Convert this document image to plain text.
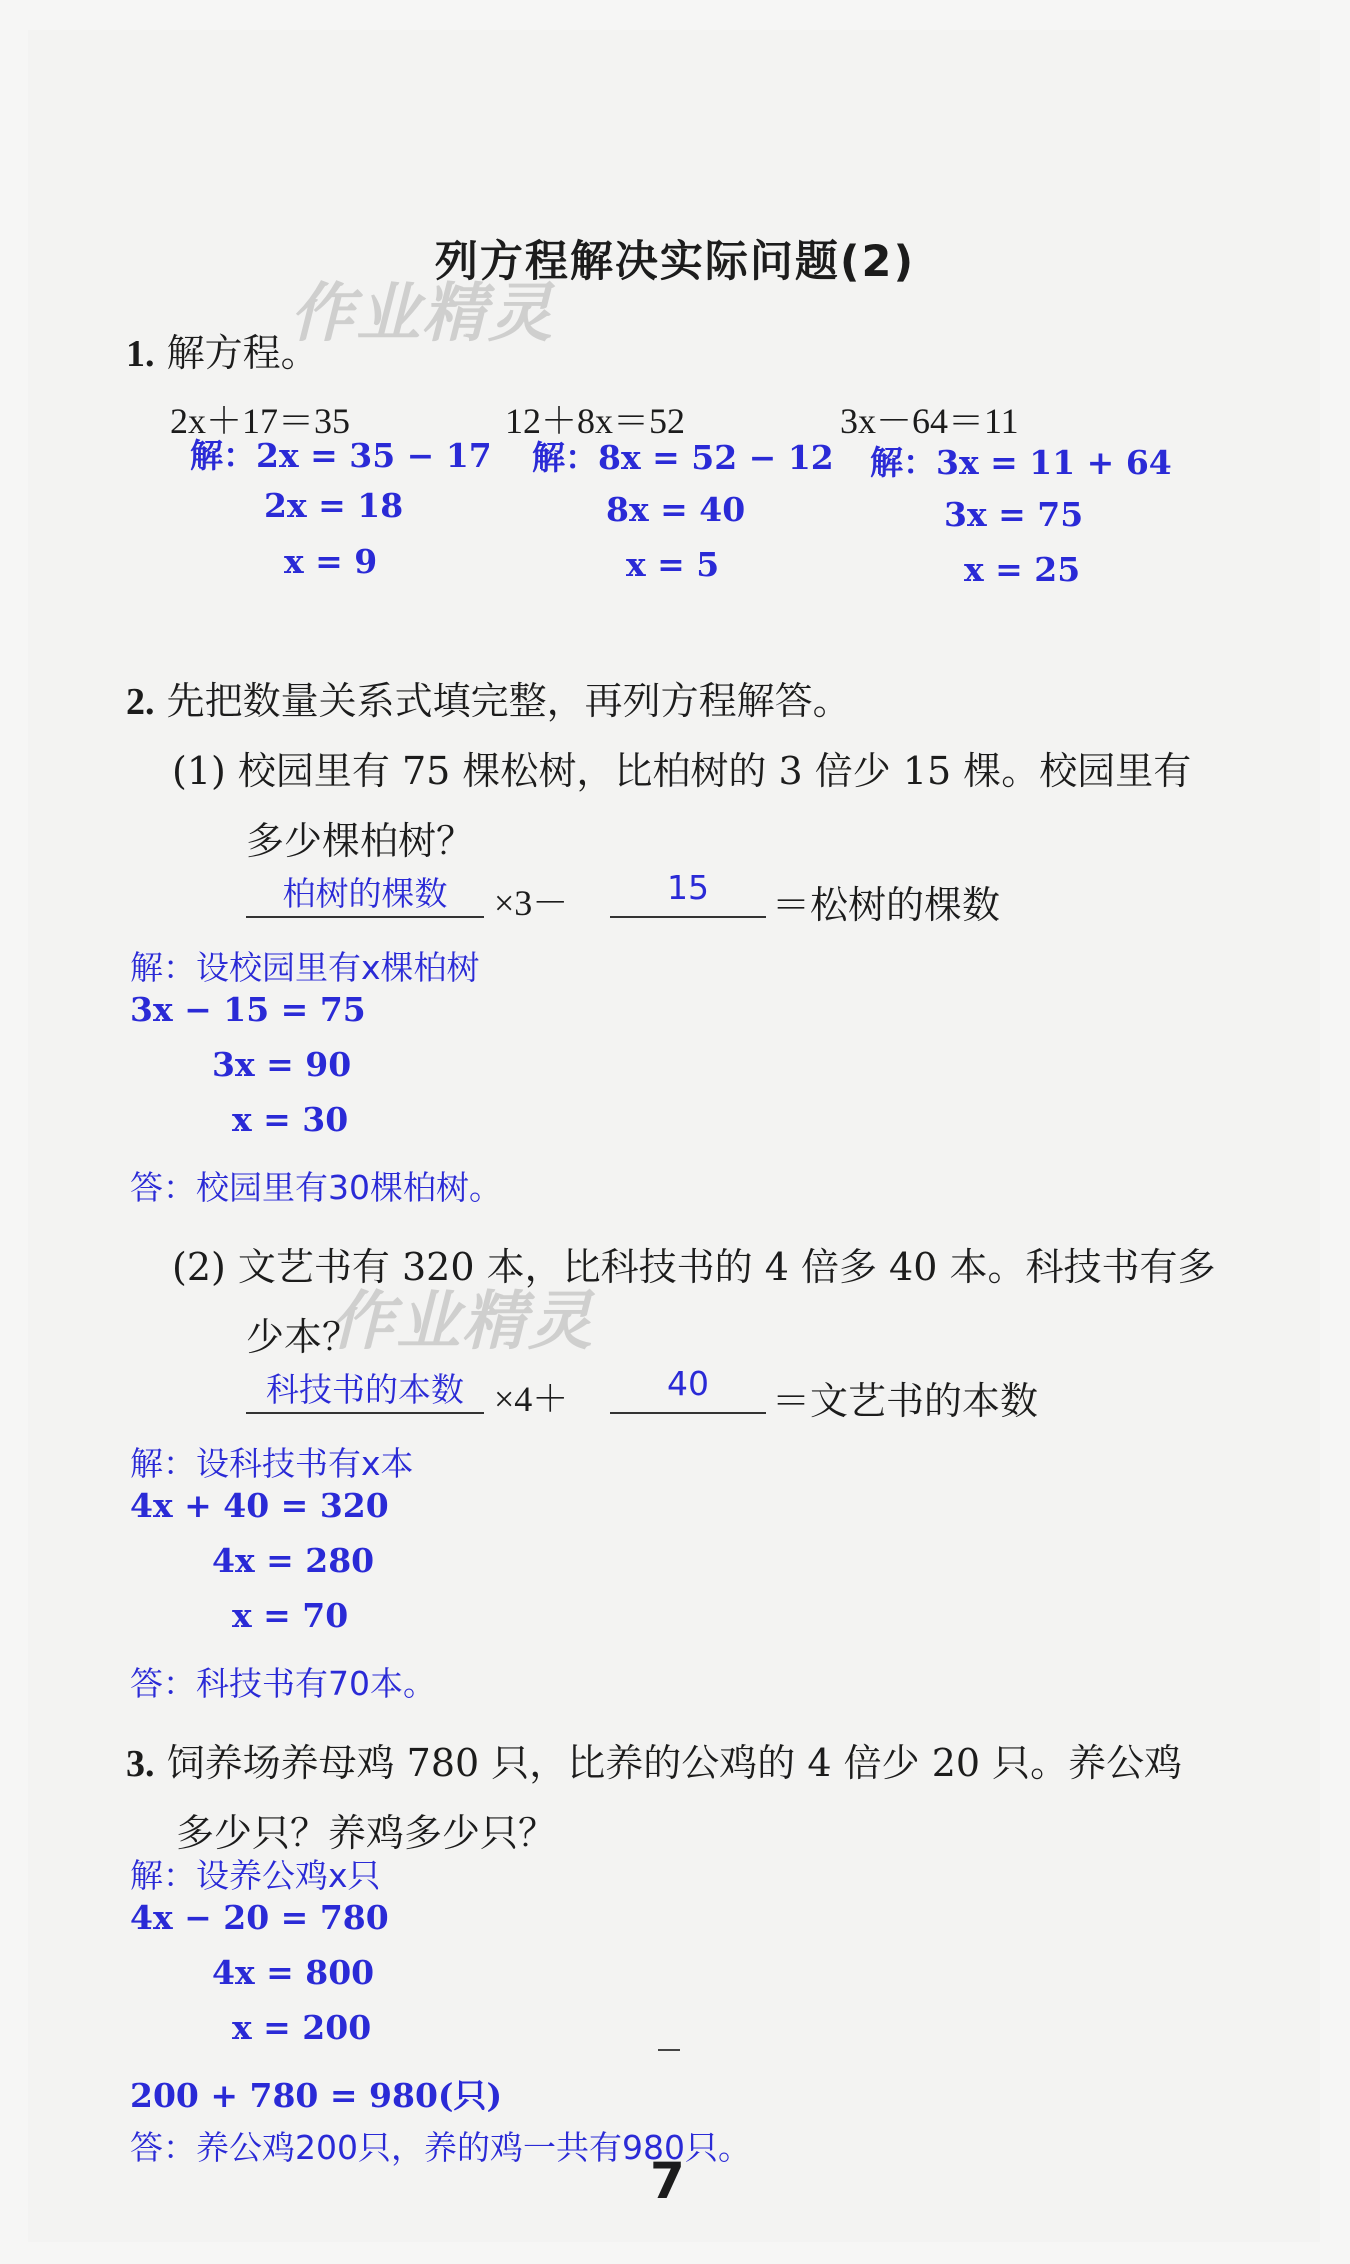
列方程解决实际问题(2)
作业精灵
1. 解方程。
2x＋17＝35	12＋8x＝52	3x－64＝11
解：2x = 35 − 17
2x = 18
x = 9
解：8x = 52 − 12
8x = 40
x = 5
解：3x = 11 + 64
3x = 75
x = 25
2. 先把数量关系式填完整，再列方程解答。
(1) 校园里有 75 棵松树，比柏树的 3 倍少 15 棵。校园里有
多少棵柏树？
柏树的棵数	×3－	15	＝松树的棵数
解：设校园里有x棵柏树
3x − 15 = 75
3x = 90
x = 30
答：校园里有30棵柏树。
(2) 文艺书有 320 本，比科技书的 4 倍多 40 本。科技书有多
少本？
作业精灵
科技书的本数 ×4＋	40	＝文艺书的本数
解：设科技书有x本
4x + 40 = 320
4x = 280
x = 70
答：科技书有70本。
3. 饲养场养母鸡 780 只，比养的公鸡的 4 倍少 20 只。养公鸡
多少只？养鸡多少只？
解：设养公鸡x只
4x − 20 = 780
4x = 800
x = 200
200 + 780 = 980(只)
答：养公鸡200只，养的鸡一共有980只。
7
